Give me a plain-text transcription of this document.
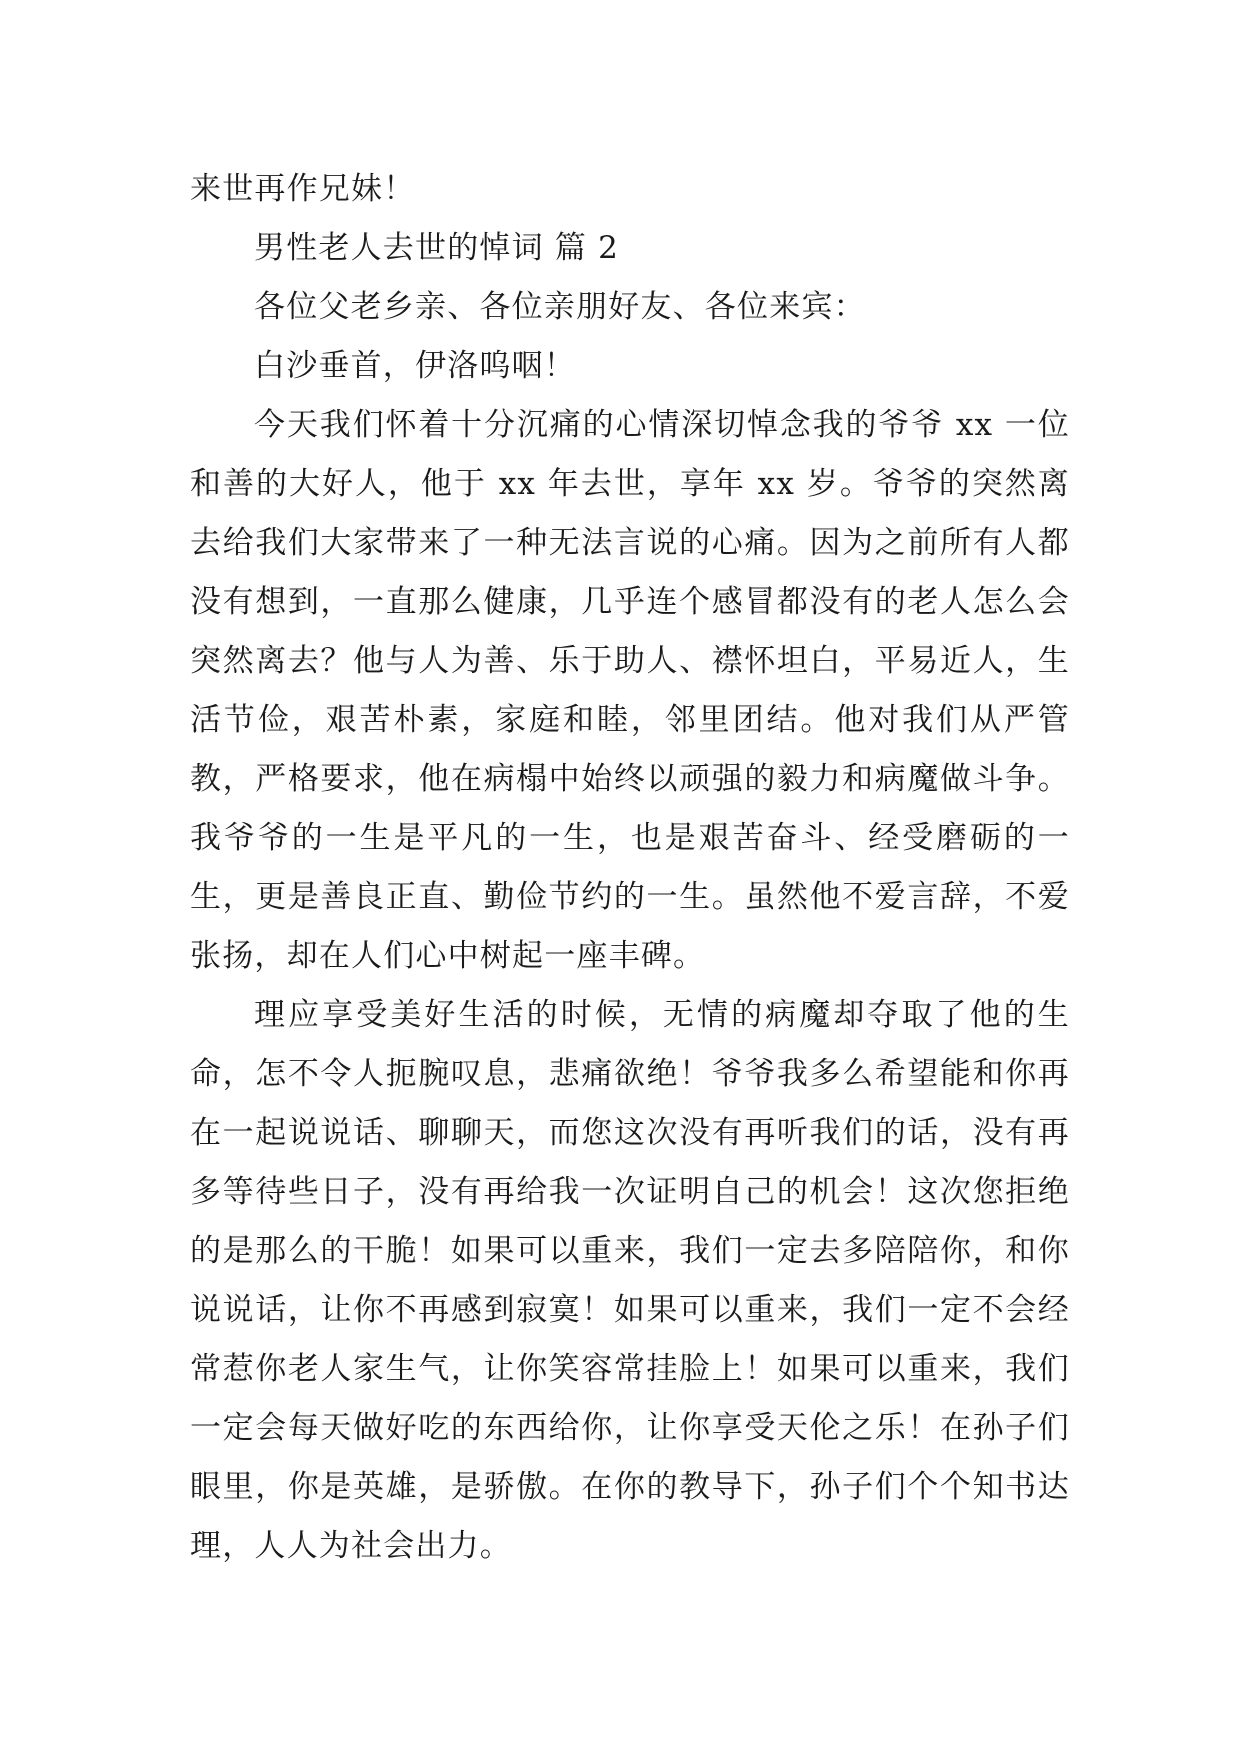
来世再作兄妹！

男性老人去世的悼词 篇 2

各位父老乡亲、各位亲朋好友、各位来宾：

白沙垂首，伊洛呜咽！

今天我们怀着十分沉痛的心情深切悼念我的爷爷 xx 一位和善的大好人，他于 xx 年去世，享年 xx 岁。爷爷的突然离去给我们大家带来了一种无法言说的心痛。因为之前所有人都没有想到，一直那么健康，几乎连个感冒都没有的老人怎么会突然离去？他与人为善、乐于助人、襟怀坦白，平易近人，生活节俭，艰苦朴素，家庭和睦，邻里团结。他对我们从严管教，严格要求，他在病榻中始终以顽强的毅力和病魔做斗争。我爷爷的一生是平凡的一生，也是艰苦奋斗、经受磨砺的一生，更是善良正直、勤俭节约的一生。虽然他不爱言辞，不爱张扬，却在人们心中树起一座丰碑。

理应享受美好生活的时候，无情的病魔却夺取了他的生命，怎不令人扼腕叹息，悲痛欲绝！爷爷我多么希望能和你再在一起说说话、聊聊天，而您这次没有再听我们的话，没有再多等待些日子，没有再给我一次证明自己的机会！这次您拒绝的是那么的干脆！如果可以重来，我们一定去多陪陪你，和你说说话，让你不再感到寂寞！如果可以重来，我们一定不会经常惹你老人家生气，让你笑容常挂脸上！如果可以重来，我们一定会每天做好吃的东西给你，让你享受天伦之乐！在孙子们眼里，你是英雄，是骄傲。在你的教导下，孙子们个个知书达理，人人为社会出力。
